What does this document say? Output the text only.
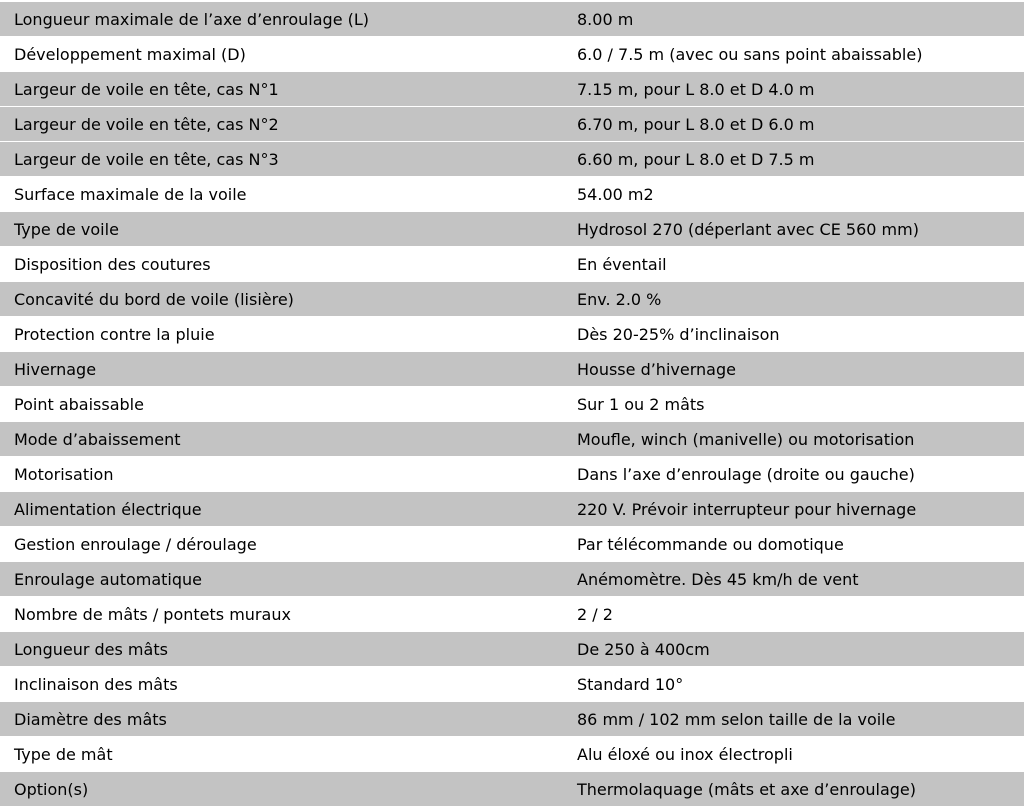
Longueur maximale de l’axe d’enroulage (L)	8.00 m
Développement maximal (D)	6.0 / 7.5 m (avec ou sans point abaissable)
Largeur de voile en tête, cas N°1	7.15 m, pour L 8.0 et D 4.0 m
Largeur de voile en tête, cas N°2	6.70 m, pour L 8.0 et D 6.0 m
Largeur de voile en tête, cas N°3	6.60 m, pour L 8.0 et D 7.5 m
Surface maximale de la voile	54.00 m2
Type de voile	Hydrosol 270 (déperlant avec CE 560 mm)
Disposition des coutures	En éventail
Concavité du bord de voile (lisière)	Env. 2.0 %
Protection contre la pluie	Dès 20-25% d’inclinaison
Hivernage	Housse d’hivernage
Point abaissable	Sur 1 ou 2 mâts
Mode d’abaissement	Moufle, winch (manivelle) ou motorisation
Motorisation	Dans l’axe d’enroulage (droite ou gauche)
Alimentation électrique	220 V. Prévoir interrupteur pour hivernage
Gestion enroulage / déroulage	Par télécommande ou domotique
Enroulage automatique	Anémomètre. Dès 45 km/h de vent
Nombre de mâts / pontets muraux	2 / 2
Longueur des mâts	De 250 à 400cm
Inclinaison des mâts	Standard 10°
Diamètre des mâts	86 mm / 102 mm selon taille de la voile
Type de mât	Alu éloxé ou inox électropli
Option(s)	Thermolaquage (mâts et axe d’enroulage)
